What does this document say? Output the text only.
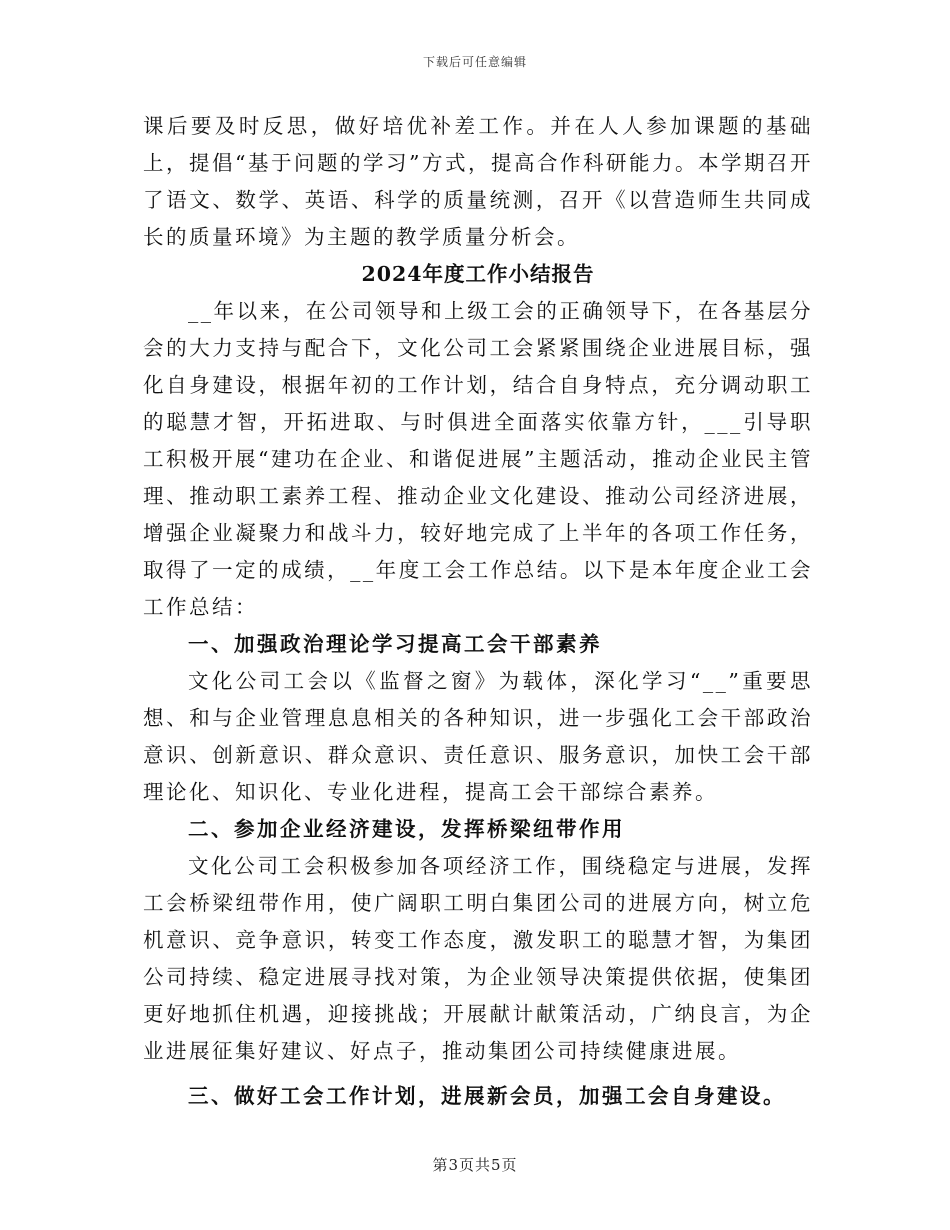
下载后可任意编辑

课后要及时反思，做好培优补差工作。并在人人参加课题的基础上，提倡“基于问题的学习”方式，提高合作科研能力。本学期召开了语文、数学、英语、科学的质量统测，召开《以营造师生共同成长的质量环境》为主题的教学质量分析会。

2024年度工作小结报告

__年以来，在公司领导和上级工会的正确领导下，在各基层分会的大力支持与配合下，文化公司工会紧紧围绕企业进展目标，强化自身建设，根据年初的工作计划，结合自身特点，充分调动职工的聪慧才智，开拓进取、与时俱进全面落实依靠方针，___引导职工积极开展“建功在企业、和谐促进展”主题活动，推动企业民主管理、推动职工素养工程、推动企业文化建设、推动公司经济进展，增强企业凝聚力和战斗力，较好地完成了上半年的各项工作任务，取得了一定的成绩，__年度工会工作总结。以下是本年度企业工会工作总结：

一、加强政治理论学习提高工会干部素养

文化公司工会以《监督之窗》为载体，深化学习“__”重要思想、和与企业管理息息相关的各种知识，进一步强化工会干部政治意识、创新意识、群众意识、责任意识、服务意识，加快工会干部理论化、知识化、专业化进程，提高工会干部综合素养。

二、参加企业经济建设，发挥桥梁纽带作用

文化公司工会积极参加各项经济工作，围绕稳定与进展，发挥工会桥梁纽带作用，使广阔职工明白集团公司的进展方向，树立危机意识、竞争意识，转变工作态度，激发职工的聪慧才智，为集团公司持续、稳定进展寻找对策，为企业领导决策提供依据，使集团更好地抓住机遇，迎接挑战；开展献计献策活动，广纳良言，为企业进展征集好建议、好点子，推动集团公司持续健康进展。

三、做好工会工作计划，进展新会员，加强工会自身建设。

第3页共5页
